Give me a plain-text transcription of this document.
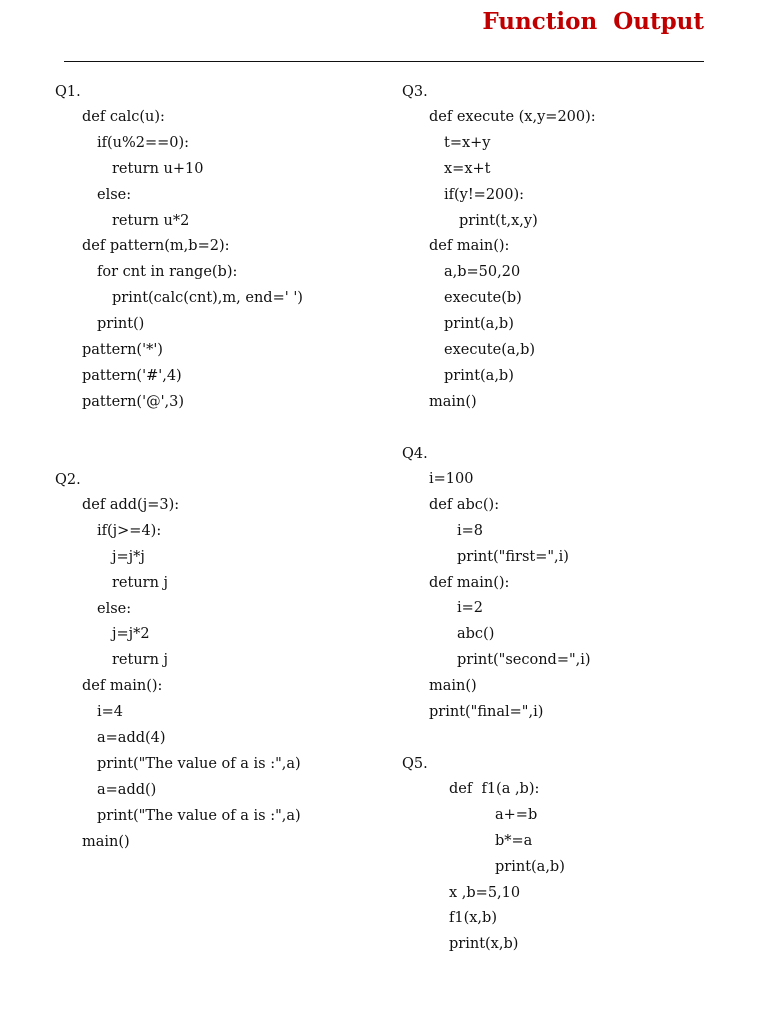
Function  Output
Q1.
def calc(u):
if(u%2==0):
return u+10
else:
return u*2
def pattern(m,b=2):
for cnt in range(b):
print(calc(cnt),m, end=' ')
print()
pattern('*')
pattern('#',4)
pattern('@',3)
Q2.
def add(j=3):
if(j>=4):
j=j*j
return j
else:
j=j*2
return j
def main():
i=4
a=add(4)
print("The value of a is :",a)
a=add()
print("The value of a is :",a)
main()
Q3.
def execute (x,y=200):
t=x+y
x=x+t
if(y!=200):
print(t,x,y)
def main():
a,b=50,20
execute(b)
print(a,b)
execute(a,b)
print(a,b)
main()
Q4.
i=100
def abc():
i=8
print("first=",i)
def main():
i=2
abc()
print("second=",i)
main()
print("final=",i)
Q5.
def  f1(a ,b):
a+=b
b*=a
print(a,b)
x ,b=5,10
f1(x,b)
print(x,b)
